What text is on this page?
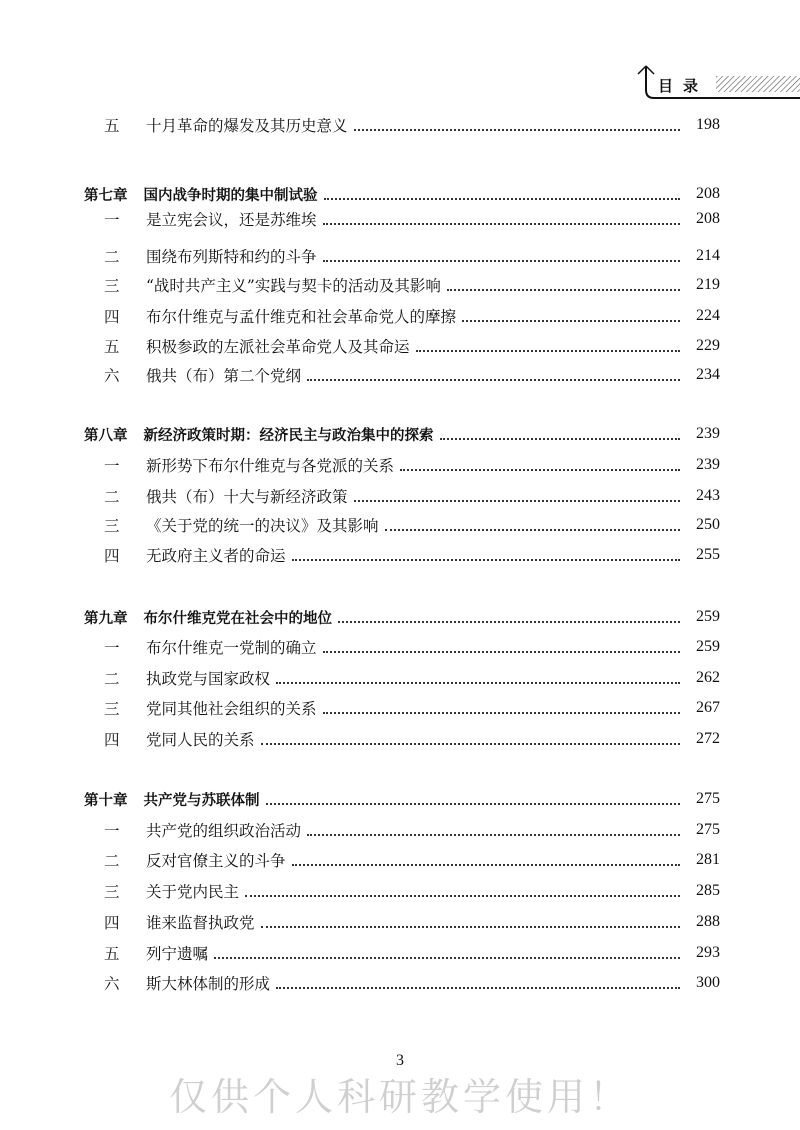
目录
五	十月革命的爆发及其历史意义	198
第七章 国内战争时期的集中制试验	208
一	是立宪会议，还是苏维埃	208
二	围绕布列斯特和约的斗争	214
三	“战时共产主义”实践与契卡的活动及其影响	219
四	布尔什维克与孟什维克和社会革命党人的摩擦	224
五	积极参政的左派社会革命党人及其命运	229
六	俄共（布）第二个党纲	234
第八章 新经济政策时期：经济民主与政治集中的探索	239
一	新形势下布尔什维克与各党派的关系	239
二	俄共（布）十大与新经济政策	243
三	《关于党的统一的决议》及其影响	250
四	无政府主义者的命运	255
第九章 布尔什维克党在社会中的地位	259
一	布尔什维克一党制的确立	259
二	执政党与国家政权	262
三	党同其他社会组织的关系	267
四	党同人民的关系	272
第十章 共产党与苏联体制	275
一	共产党的组织政治活动	275
二	反对官僚主义的斗争	281
三	关于党内民主	285
四	谁来监督执政党	288
五	列宁遗嘱	293
六	斯大林体制的形成	300
3
仅供个人科研教学使用！
